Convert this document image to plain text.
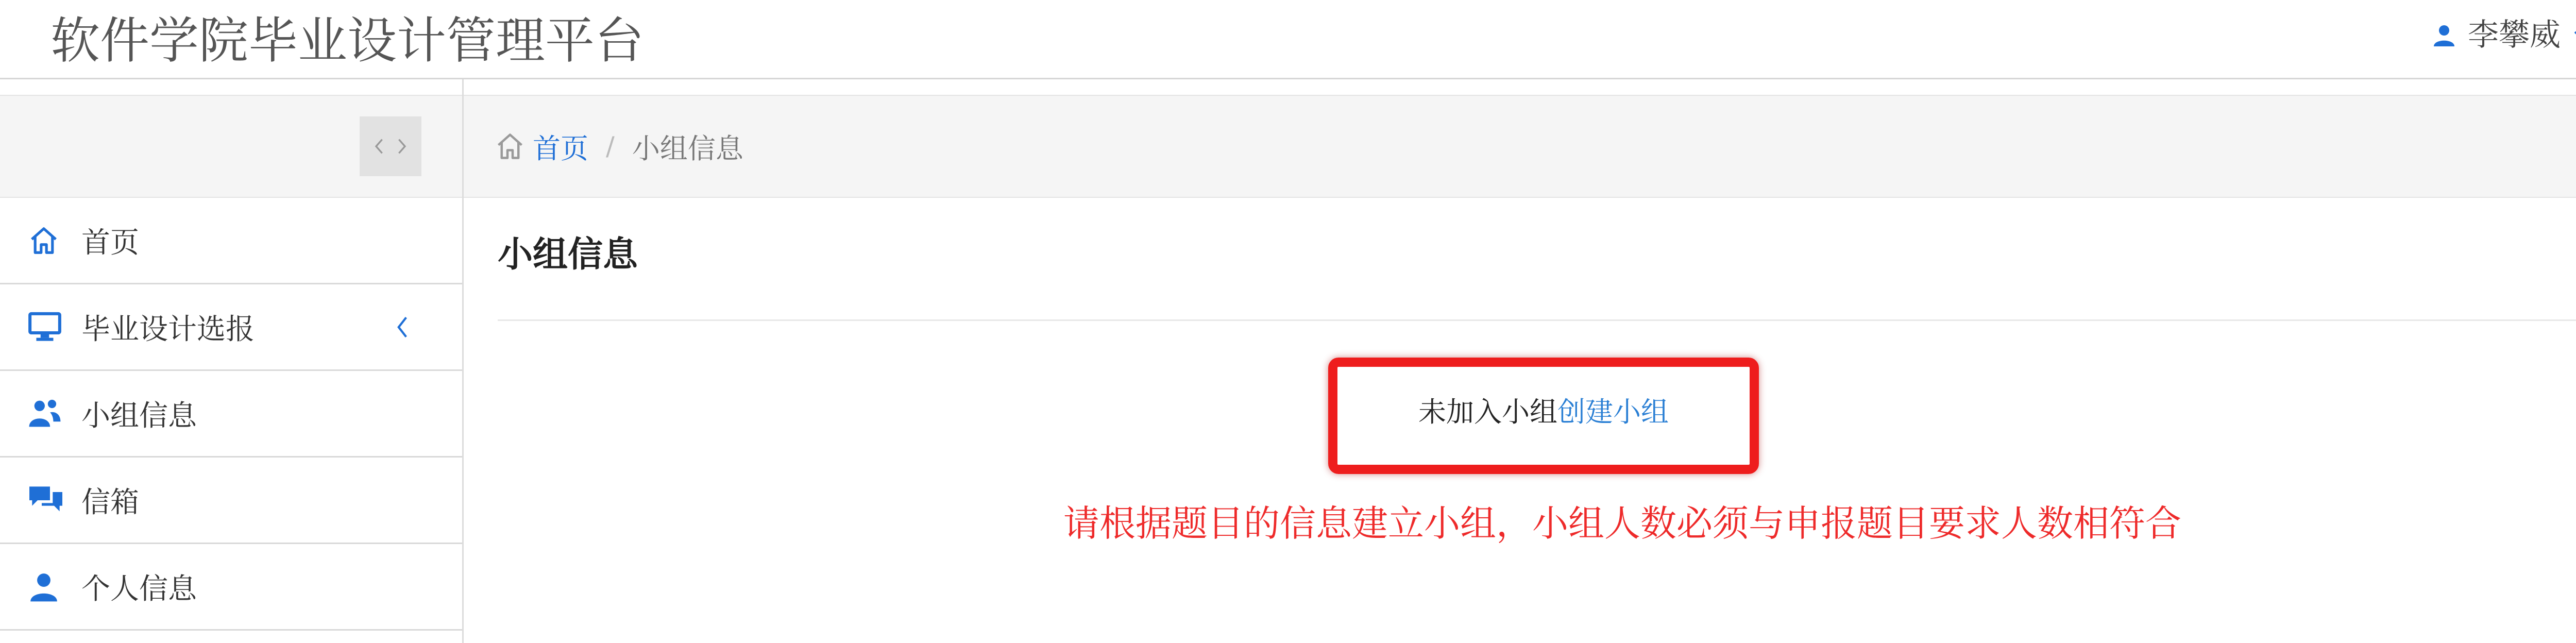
软件学院毕业设计管理平台	李攀威
首页
毕业设计选报
小组信息
信箱
个人信息
首页 / 小组信息
小组信息
未加入小组创建小组
请根据题目的信息建立小组，小组人数必须与申报题目要求人数相符合
